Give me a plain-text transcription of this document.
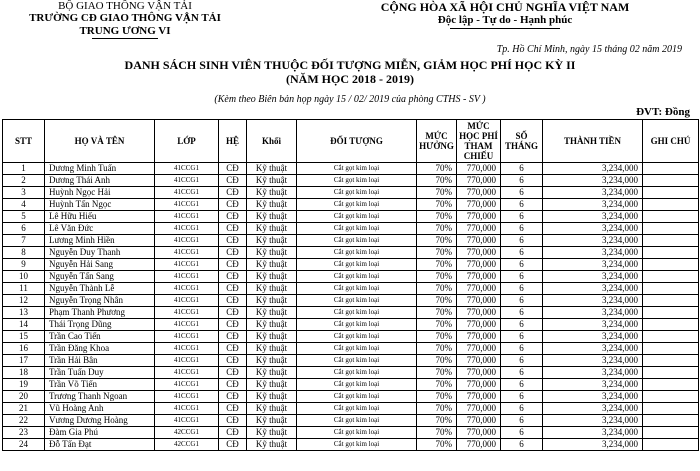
BỘ GIAO THÔNG VẬN TẢI
TRƯỜNG CĐ GIAO THÔNG VẬN TẢI
TRUNG ƯƠNG VI
CỘNG HÒA XÃ HỘI CHỦ NGHĨA VIỆT NAM
Độc lập - Tự do - Hạnh phúc
Tp. Hồ Chí Minh, ngày 15 tháng 02 năm 2019
DANH SÁCH SINH VIÊN THUỘC ĐỐI TƯỢNG MIỄN, GIẢM HỌC PHÍ HỌC KỲ II
(NĂM HỌC 2018 - 2019)
(Kèm theo Biên bản họp ngày 15 / 02/ 2019 của phòng CTHS - SV )
ĐVT: Đồng
STT	HỌ VÀ TÊN	LỚP	HỆ	Khối	ĐỐI TƯỢNG	MỨC HƯỞNG	MỨC HỌC PHÍ THAM CHIẾU	SỐ THÁNG	THÀNH TIỀN	GHI CHÚ
1	Dương Minh Tuấn	41CCG1	CĐ	Kỹ thuật	Cắt gọt kim loại	70%	770,000	6	3,234,000	
2	Dương Thái Anh	41CCG1	CĐ	Kỹ thuật	Cắt gọt kim loại	70%	770,000	6	3,234,000	
3	Huỳnh Ngọc Hải	41CCG1	CĐ	Kỹ thuật	Cắt gọt kim loại	70%	770,000	6	3,234,000	
4	Huỳnh Tấn Ngọc	41CCG1	CĐ	Kỹ thuật	Cắt gọt kim loại	70%	770,000	6	3,234,000	
5	Lê Hữu Hiếu	41CCG1	CĐ	Kỹ thuật	Cắt gọt kim loại	70%	770,000	6	3,234,000	
6	Lê Văn Đức	41CCG1	CĐ	Kỹ thuật	Cắt gọt kim loại	70%	770,000	6	3,234,000	
7	Lương Minh Hiền	41CCG1	CĐ	Kỹ thuật	Cắt gọt kim loại	70%	770,000	6	3,234,000	
8	Nguyễn Duy Thanh	41CCG1	CĐ	Kỹ thuật	Cắt gọt kim loại	70%	770,000	6	3,234,000	
9	Nguyễn Hải Sang	41CCG1	CĐ	Kỹ thuật	Cắt gọt kim loại	70%	770,000	6	3,234,000	
10	Nguyễn Tấn Sang	41CCG1	CĐ	Kỹ thuật	Cắt gọt kim loại	70%	770,000	6	3,234,000	
11	Nguyễn Thành Lễ	41CCG1	CĐ	Kỹ thuật	Cắt gọt kim loại	70%	770,000	6	3,234,000	
12	Nguyễn Trọng Nhân	41CCG1	CĐ	Kỹ thuật	Cắt gọt kim loại	70%	770,000	6	3,234,000	
13	Phạm Thanh Phương	41CCG1	CĐ	Kỹ thuật	Cắt gọt kim loại	70%	770,000	6	3,234,000	
14	Thái Trọng Dũng	41CCG1	CĐ	Kỹ thuật	Cắt gọt kim loại	70%	770,000	6	3,234,000	
15	Trần Cao Tiến	41CCG1	CĐ	Kỹ thuật	Cắt gọt kim loại	70%	770,000	6	3,234,000	
16	Trần Đăng Khoa	41CCG1	CĐ	Kỹ thuật	Cắt gọt kim loại	70%	770,000	6	3,234,000	
17	Trần Hải Bân	41CCG1	CĐ	Kỹ thuật	Cắt gọt kim loại	70%	770,000	6	3,234,000	
18	Trần Tuấn Duy	41CCG1	CĐ	Kỹ thuật	Cắt gọt kim loại	70%	770,000	6	3,234,000	
19	Trần Võ Tiến	41CCG1	CĐ	Kỹ thuật	Cắt gọt kim loại	70%	770,000	6	3,234,000	
20	Trương Thanh Ngoan	41CCG1	CĐ	Kỹ thuật	Cắt gọt kim loại	70%	770,000	6	3,234,000	
21	Vũ Hoàng Anh	41CCG1	CĐ	Kỹ thuật	Cắt gọt kim loại	70%	770,000	6	3,234,000	
22	Vương Dương Hoàng	41CCG1	CĐ	Kỹ thuật	Cắt gọt kim loại	70%	770,000	6	3,234,000	
23	Đàm Gia Phú	42CCG1	CĐ	Kỹ thuật	Cắt gọt kim loại	70%	770,000	6	3,234,000	
24	Đỗ Tấn Đạt	42CCG1	CĐ	Kỹ thuật	Cắt gọt kim loại	70%	770,000	6	3,234,000	
